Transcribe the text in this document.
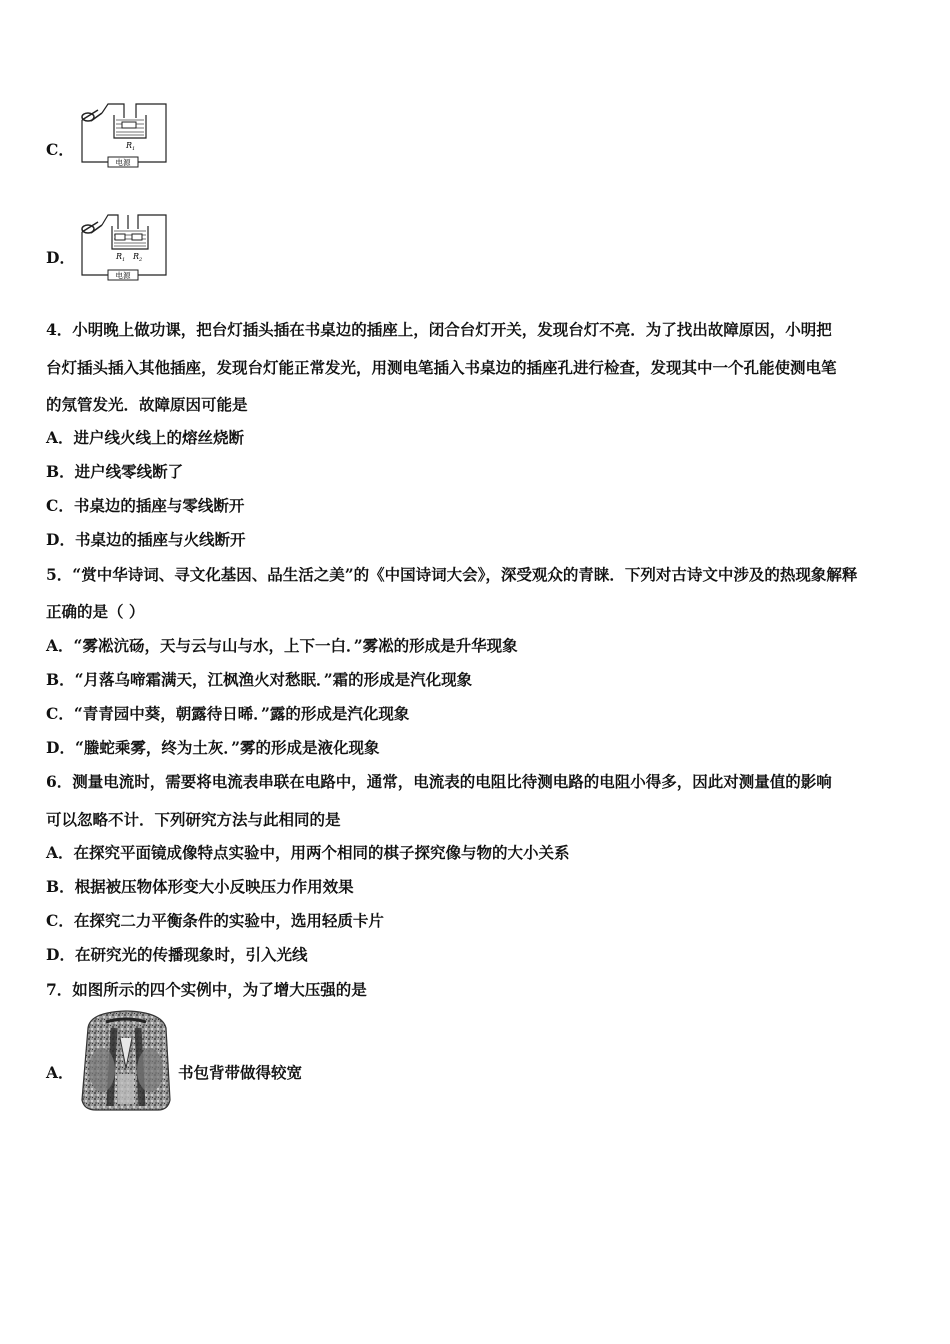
C．	$R_1$
电源
D．	$R_1$ $R_2$
电源
4．小明晚上做功课，把台灯插头插在书桌边的插座上，闭合台灯开关，发现台灯不亮．为了找出故障原因，小明把
台灯插头插入其他插座，发现台灯能正常发光，用测电笔插入书桌边的插座孔进行检查，发现其中一个孔能使测电笔
的氖管发光．故障原因可能是
A．进户线火线上的熔丝烧断
B．进户线零线断了
C．书桌边的插座与零线断开
D．书桌边的插座与火线断开
5．“赏中华诗词、寻文化基因、品生活之美”的《中国诗词大会》，深受观众的青睐．下列对古诗文中涉及的热现象解释
正确的是（ ）
A．“雾凇沆砀，天与云与山与水，上下一白．”雾凇的形成是升华现象
B．“月落乌啼霜满天，江枫渔火对愁眠．”霜的形成是汽化现象
C．“青青园中葵，朝露待日晞．”露的形成是汽化现象
D．“螣蛇乘雾，终为土灰．”雾的形成是液化现象
6．测量电流时，需要将电流表串联在电路中，通常，电流表的电阻比待测电路的电阻小得多，因此对测量值的影响
可以忽略不计．下列研究方法与此相同的是
A．在探究平面镜成像特点实验中，用两个相同的棋子探究像与物的大小关系
B．根据被压物体形变大小反映压力作用效果
C．在探究二力平衡条件的实验中，选用轻质卡片
D．在研究光的传播现象时，引入光线
7．如图所示的四个实例中，为了增大压强的是
A．	书包背带做得较宽
